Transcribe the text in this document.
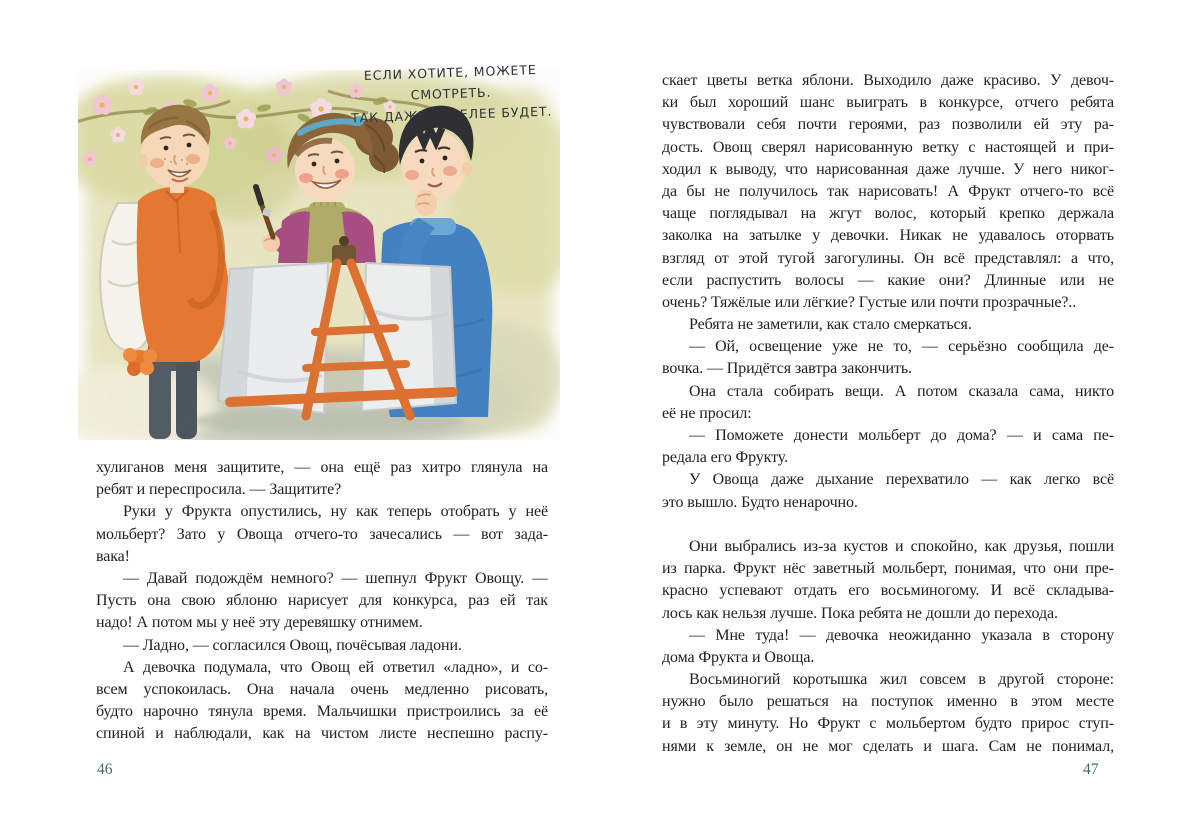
ЕСЛИ ХОТИТЕ, МОЖЕТЕ СМОТРЕТЬ.
ТАК ДАЖЕ ВЕСЕЛЕЕ БУДЕТ.
хулиганов меня защитите, — она ещё раз хитро глянула на
ребят и переспросила. — Защитите?
Руки у Фрукта опустились, ну как теперь отобрать у неё
мольберт? Зато у Овоща отчего-то зачесались — вот зада-
вака!
— Давай подождём немного? — шепнул Фрукт Овощу. —
Пусть она свою яблоню нарисует для конкурса, раз ей так
надо! А потом мы у неё эту деревяшку отнимем.
— Ладно, — согласился Овощ, почёсывая ладони.
А девочка подумала, что Овощ ей ответил «ладно», и со-
всем успокоилась. Она начала очень медленно рисовать,
будто нарочно тянула время. Мальчишки пристроились за её
спиной и наблюдали, как на чистом листе неспешно распу-
46
скает цветы ветка яблони. Выходило даже красиво. У девоч-
ки был хороший шанс выиграть в конкурсе, отчего ребята
чувствовали себя почти героями, раз позволили ей эту ра-
дость. Овощ сверял нарисованную ветку с настоящей и при-
ходил к выводу, что нарисованная даже лучше. У него никог-
да бы не получилось так нарисовать! А Фрукт отчего-то всё
чаще поглядывал на жгут волос, который крепко держала
заколка на затылке у девочки. Никак не удавалось оторвать
взгляд от этой тугой загогулины. Он всё представлял: а что,
если распустить волосы — какие они? Длинные или не
очень? Тяжёлые или лёгкие? Густые или почти прозрачные?..
Ребята не заметили, как стало смеркаться.
— Ой, освещение уже не то, — серьёзно сообщила де-
вочка. — Придётся завтра закончить.
Она стала собирать вещи. А потом сказала сама, никто
её не просил:
— Поможете донести мольберт до дома? — и сама пе-
редала его Фрукту.
У Овоща даже дыхание перехватило — как легко всё
это вышло. Будто ненарочно.
Они выбрались из-за кустов и спокойно, как друзья, пошли
из парка. Фрукт нёс заветный мольберт, понимая, что они пре-
красно успевают отдать его восьминогому. И всё складыва-
лось как нельзя лучше. Пока ребята не дошли до перехода.
— Мне туда! — девочка неожиданно указала в сторону
дома Фрукта и Овоща.
Восьминогий коротышка жил совсем в другой стороне:
нужно было решаться на поступок именно в этом месте
и в эту минуту. Но Фрукт с мольбертом будто прирос ступ-
нями к земле, он не мог сделать и шага. Сам не понимал,
47
